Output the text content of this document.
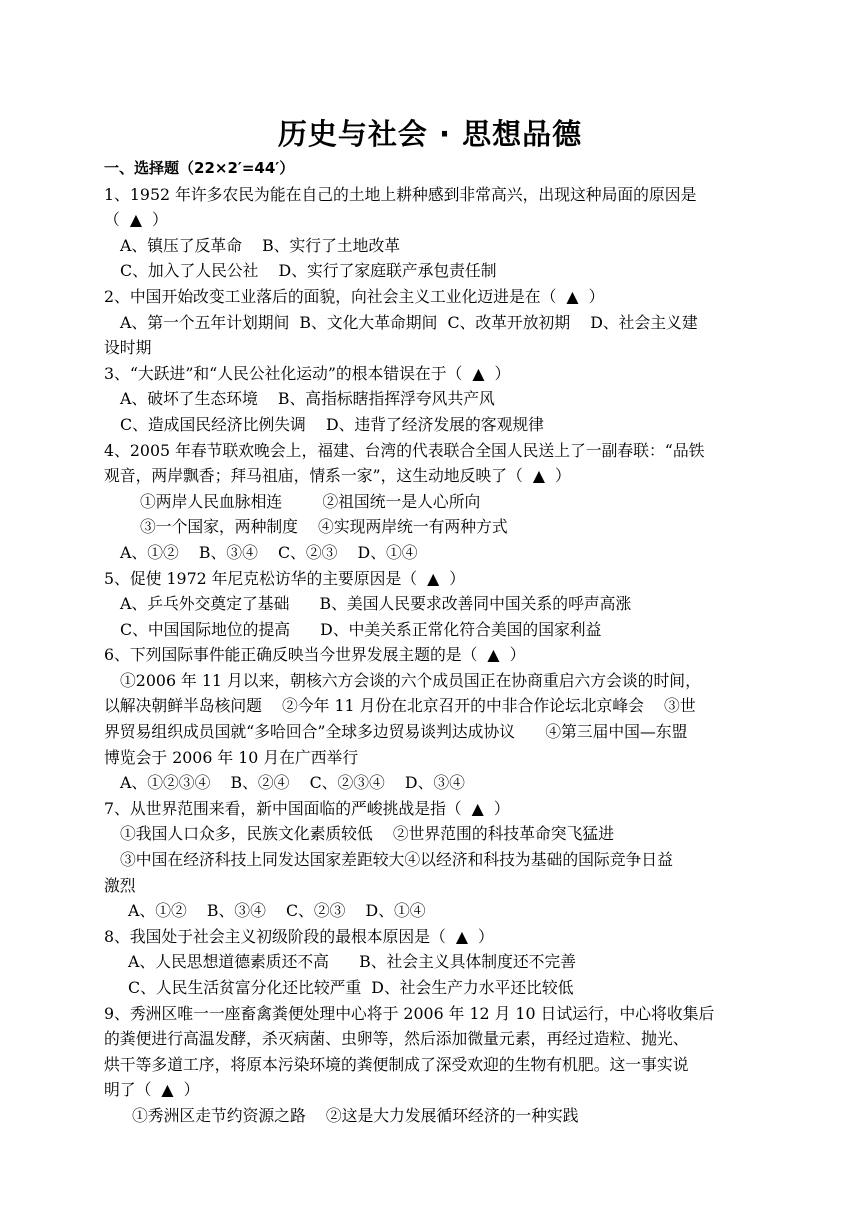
历史与社会 · 思想品德
一、选择题（22×2′=44′）
1、1952 年许多农民为能在自己的土地上耕种感到非常高兴，出现这种局面的原因是
（  ▲  ）
A、镇压了反革命    B、实行了土地改革
C、加入了人民公社    D、实行了家庭联产承包责任制
2、中国开始改变工业落后的面貌，向社会主义工业化迈进是在（  ▲  ）
A、第一个五年计划期间  B、文化大革命期间  C、改革开放初期    D、社会主义建
设时期
3、“大跃进”和“人民公社化运动”的根本错误在于（  ▲  ）
A、破坏了生态环境    B、高指标瞎指挥浮夸风共产风
C、造成国民经济比例失调    D、违背了经济发展的客观规律
4、2005 年春节联欢晚会上，福建、台湾的代表联合全国人民送上了一副春联：“品铁
观音，两岸飘香；拜马祖庙，情系一家”，这生动地反映了（  ▲  ）
①两岸人民血脉相连        ②祖国统一是人心所向
③一个国家，两种制度    ④实现两岸统一有两种方式
A、①②    B、③④    C、②③    D、①④
5、促使 1972 年尼克松访华的主要原因是（  ▲  ）
A、乒乓外交奠定了基础      B、美国人民要求改善同中国关系的呼声高涨
C、中国国际地位的提高      D、中美关系正常化符合美国的国家利益
6、下列国际事件能正确反映当今世界发展主题的是（  ▲  ）
①2006 年 11 月以来，朝核六方会谈的六个成员国正在协商重启六方会谈的时间，
以解决朝鲜半岛核问题    ②今年 11 月份在北京召开的中非合作论坛北京峰会    ③世
界贸易组织成员国就“多哈回合”全球多边贸易谈判达成协议      ④第三届中国—东盟
博览会于 2006 年 10 月在广西举行
A、①②③④    B、②④    C、②③④    D、③④
7、从世界范围来看，新中国面临的严峻挑战是指（  ▲  ）
①我国人口众多，民族文化素质较低    ②世界范围的科技革命突飞猛进
③中国在经济科技上同发达国家差距较大④以经济和科技为基础的国际竞争日益
激烈
A、①②    B、③④    C、②③    D、①④
8、我国处于社会主义初级阶段的最根本原因是（  ▲  ）
A、人民思想道德素质还不高      B、社会主义具体制度还不完善
C、人民生活贫富分化还比较严重  D、社会生产力水平还比较低
9、秀洲区唯一一座畜禽粪便处理中心将于 2006 年 12 月 10 日试运行，中心将收集后
的粪便进行高温发酵，杀灭病菌、虫卵等，然后添加微量元素，再经过造粒、抛光、
烘干等多道工序，将原本污染环境的粪便制成了深受欢迎的生物有机肥。这一事实说
明了（  ▲  ）
①秀洲区走节约资源之路    ②这是大力发展循环经济的一种实践
